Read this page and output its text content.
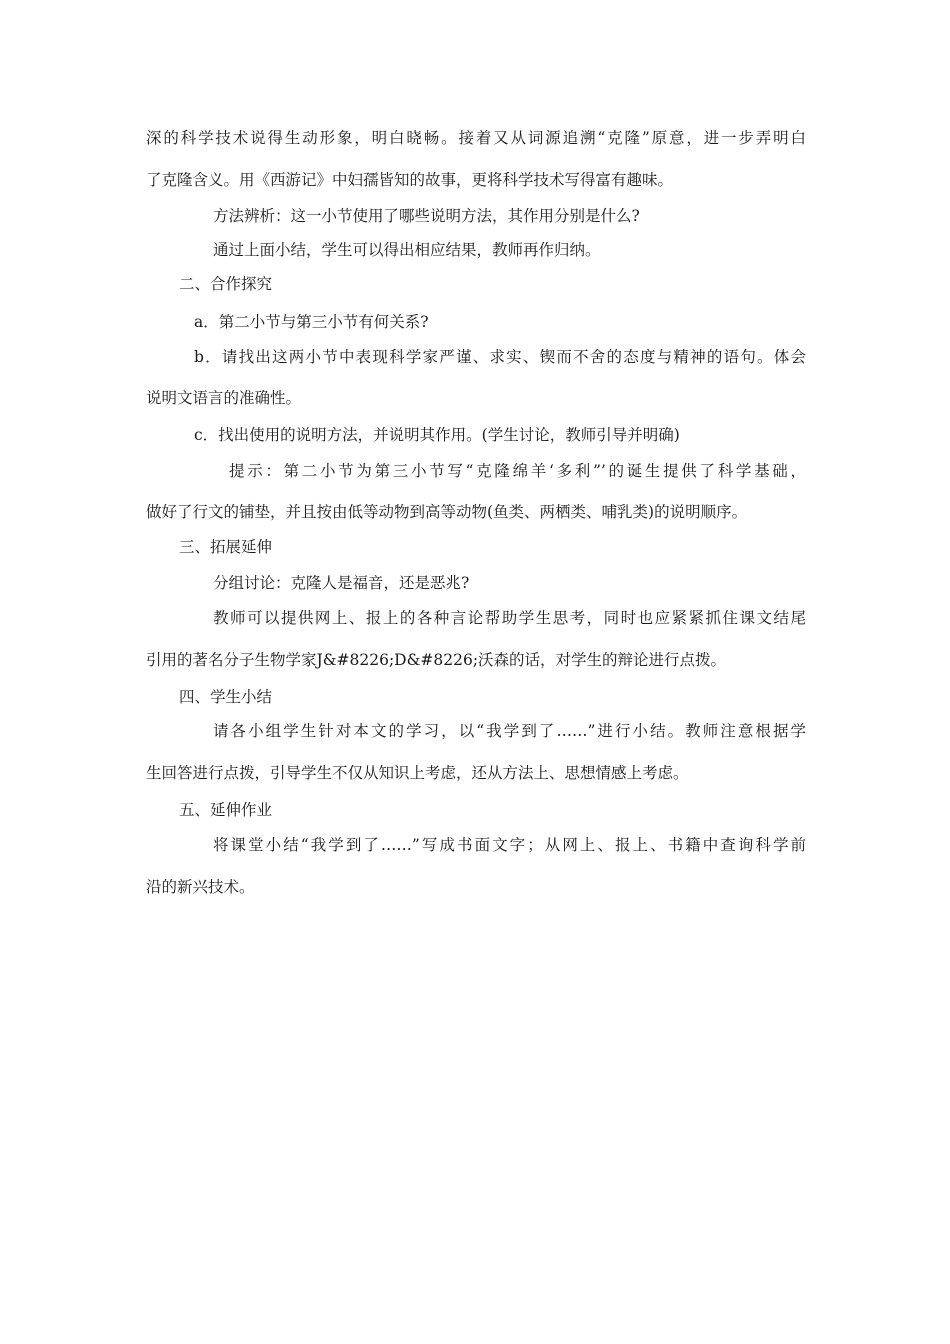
深的科学技术说得生动形象，明白晓畅。接着又从词源追溯“克隆”原意，进一步弄明白
了克隆含义。用《西游记》中妇孺皆知的故事，更将科学技术写得富有趣味。
方法辨析：这一小节使用了哪些说明方法，其作用分别是什么?
通过上面小结，学生可以得出相应结果，教师再作归纳。
二、合作探究
a．第二小节与第三小节有何关系?
b．请找出这两小节中表现科学家严谨、求实、锲而不舍的态度与精神的语句。体会
说明文语言的准确性。
c．找出使用的说明方法，并说明其作用。(学生讨论，教师引导并明确)
提示：第二小节为第三小节写“克隆绵羊‘多利”’的诞生提供了科学基础，
做好了行文的铺垫，并且按由低等动物到高等动物(鱼类、两栖类、哺乳类)的说明顺序。
三、拓展延伸
分组讨论：克隆人是福音，还是恶兆?
教师可以提供网上、报上的各种言论帮助学生思考，同时也应紧紧抓住课文结尾
引用的著名分子生物学家J&#8226;D&#8226;沃森的话，对学生的辩论进行点拨。
四、学生小结
请各小组学生针对本文的学习，以“我学到了……”进行小结。教师注意根据学
生回答进行点拨，引导学生不仅从知识上考虑，还从方法上、思想情感上考虑。
五、延伸作业
将课堂小结“我学到了……”写成书面文字；从网上、报上、书籍中查询科学前
沿的新兴技术。
